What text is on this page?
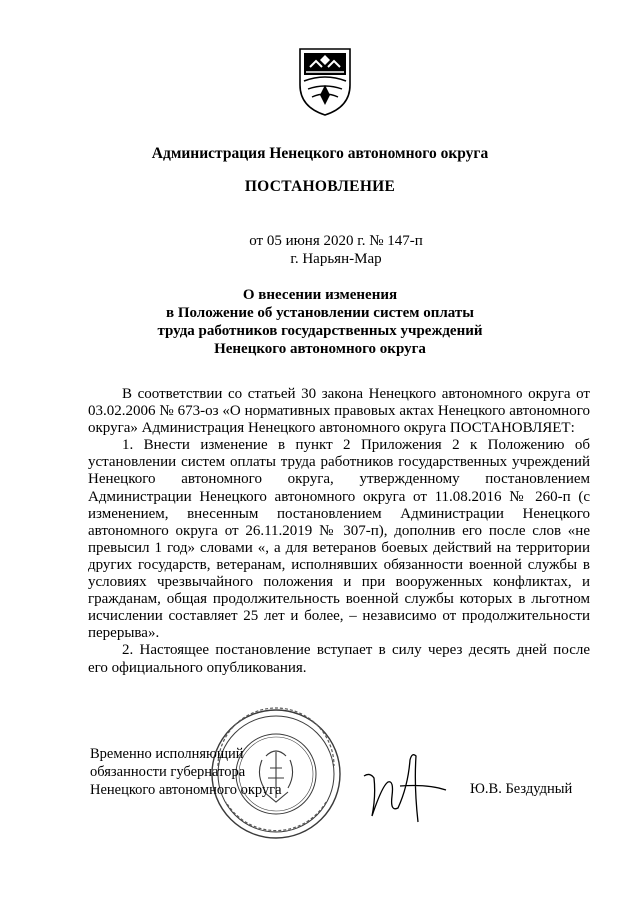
Администрация Ненецкого автономного округа
ПОСТАНОВЛЕНИЕ
от 05 июня 2020 г. № 147-п
г. Нарьян-Мар
О внесении изменения
в Положение об установлении систем оплаты
труда работников государственных учреждений
Ненецкого автономного округа

В соответствии со статьей 30 закона Ненецкого автономного округа от 03.02.2006 № 673-оз «О нормативных правовых актах Ненецкого автономного округа» Администрация Ненецкого автономного округа ПОСТАНОВЛЯЕТ:

1. Внести изменение в пункт 2 Приложения 2 к Положению об установлении систем оплаты труда работников государственных учреждений Ненецкого автономного округа, утвержденному постановлением Администрации Ненецкого автономного округа от 11.08.2016 № 260-п (с изменением, внесенным постановлением Администрации Ненецкого автономного округа от 26.11.2019 № 307-п), дополнив его после слов «не превысил 1 год» словами «, а для ветеранов боевых действий на территории других государств, ветеранам, исполнявших обязанности военной службы в условиях чрезвычайного положения и при вооруженных конфликтах, и гражданам, общая продолжительность военной службы которых в льготном исчислении составляет 25 лет и более, – независимо от продолжительности перерыва».

2. Настоящее постановление вступает в силу через десять дней после его официального опубликования.

Временно исполняющий
обязанности губернатора
Ненецкого автономного округа	Ю.В. Бездудный
